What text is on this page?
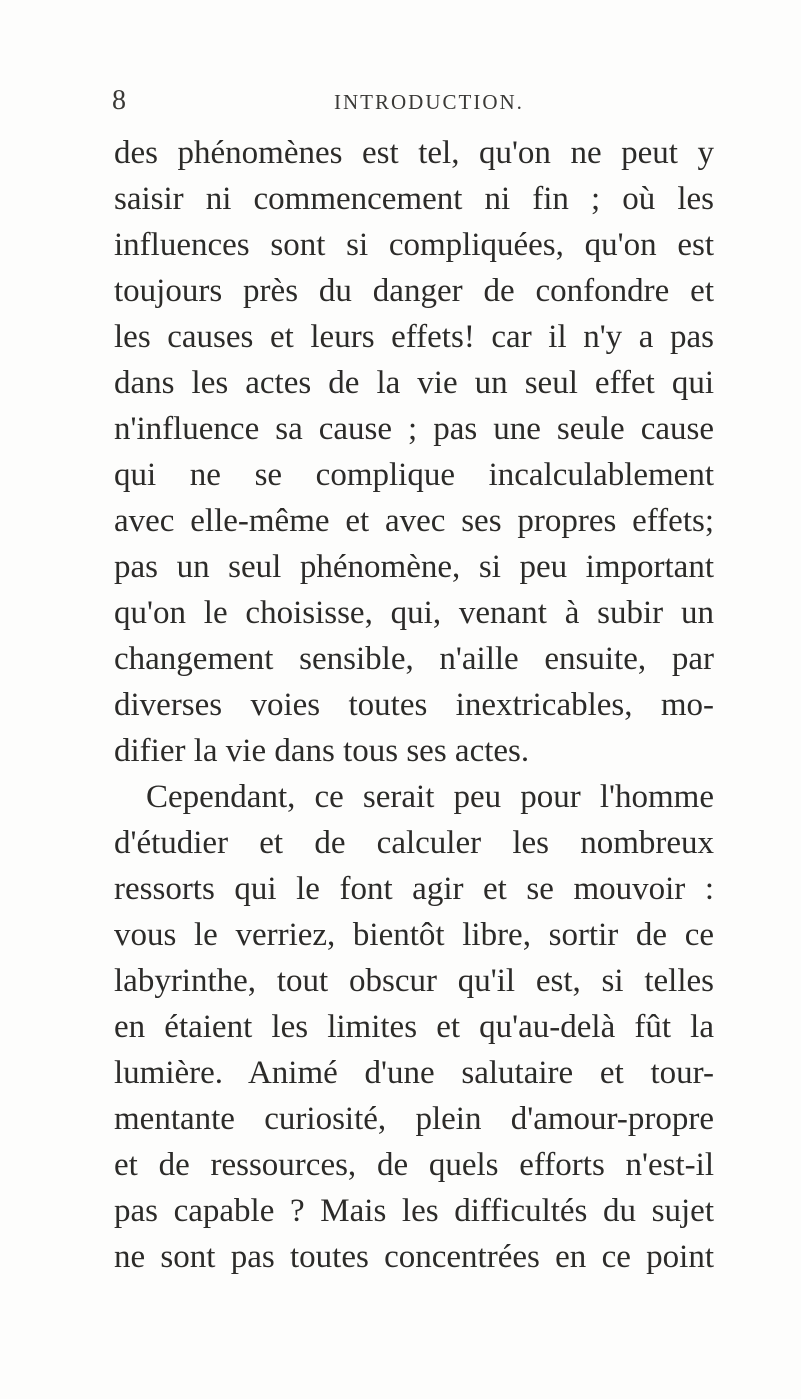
8	INTRODUCTION.
des phénomènes est tel, qu'on ne peut y
saisir ni commencement ni fin ; où les
influences sont si compliquées, qu'on est
toujours près du danger de confondre et
les causes et leurs effets! car il n'y a pas
dans les actes de la vie un seul effet qui
n'influence sa cause ; pas une seule cause
qui ne se complique incalculablement
avec elle-même et avec ses propres effets;
pas un seul phénomène, si peu important
qu'on le choisisse, qui, venant à subir un
changement sensible, n'aille ensuite, par
diverses voies toutes inextricables, mo-
difier la vie dans tous ses actes.
Cependant, ce serait peu pour l'homme
d'étudier et de calculer les nombreux
ressorts qui le font agir et se mouvoir :
vous le verriez, bientôt libre, sortir de ce
labyrinthe, tout obscur qu'il est, si telles
en étaient les limites et qu'au-delà fût la
lumière. Animé d'une salutaire et tour-
mentante curiosité, plein d'amour-propre
et de ressources, de quels efforts n'est-il
pas capable ? Mais les difficultés du sujet
ne sont pas toutes concentrées en ce point
